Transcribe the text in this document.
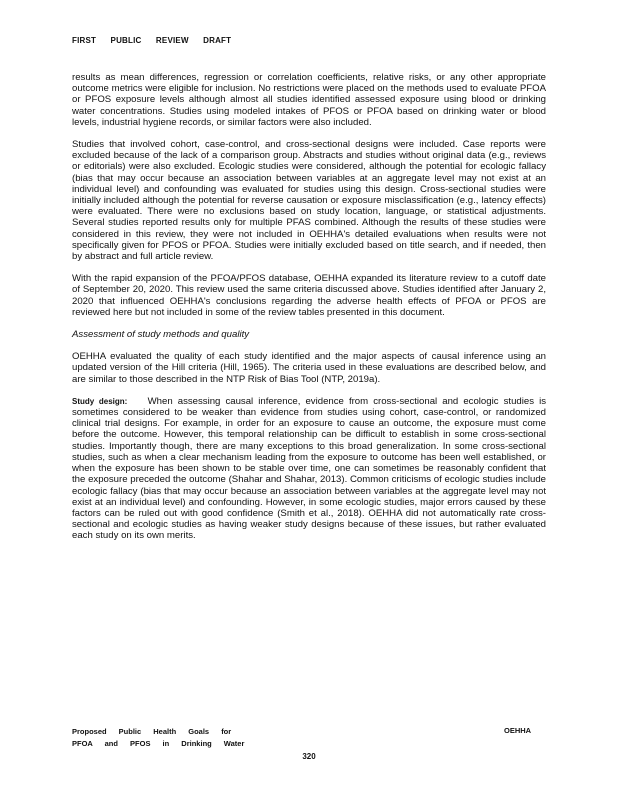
FIRST PUBLIC REVIEW DRAFT

results as mean differences, regression or correlation coefficients, relative risks, or any other appropriate outcome metrics were eligible for inclusion. No restrictions were placed on the methods used to evaluate PFOA or PFOS exposure levels although almost all studies identified assessed exposure using blood or drinking water concentrations. Studies using modeled intakes of PFOS or PFOA based on drinking water or blood levels, industrial hygiene records, or similar factors were also included.

Studies that involved cohort, case-control, and cross-sectional designs were included. Case reports were excluded because of the lack of a comparison group. Abstracts and studies without original data (e.g., reviews or editorials) were also excluded. Ecologic studies were considered, although the potential for ecologic fallacy (bias that may occur because an association between variables at an aggregate level may not exist at an individual level) and confounding was evaluated for studies using this design. Cross-sectional studies were initially included although the potential for reverse causation or exposure misclassification (e.g., latency effects) were evaluated. There were no exclusions based on study location, language, or statistical adjustments. Several studies reported results only for multiple PFAS combined. Although the results of these studies were considered in this review, they were not included in OEHHA's detailed evaluations when results were not specifically given for PFOS or PFOA. Studies were initially excluded based on title search, and if needed, then by abstract and full article review.

With the rapid expansion of the PFOA/PFOS database, OEHHA expanded its literature review to a cutoff date of September 20, 2020. This review used the same criteria discussed above. Studies identified after January 2, 2020 that influenced OEHHA's conclusions regarding the adverse health effects of PFOA or PFOS are reviewed here but not included in some of the review tables presented in this document.

Assessment of study methods and quality

OEHHA evaluated the quality of each study identified and the major aspects of causal inference using an updated version of the Hill criteria (Hill, 1965). The criteria used in these evaluations are described below, and are similar to those described in the NTP Risk of Bias Tool (NTP, 2019a).

Study design: When assessing causal inference, evidence from cross-sectional and ecologic studies is sometimes considered to be weaker than evidence from studies using cohort, case-control, or randomized clinical trial designs. For example, in order for an exposure to cause an outcome, the exposure must come before the outcome. However, this temporal relationship can be difficult to establish in some cross-sectional studies. Importantly though, there are many exceptions to this broad generalization. In some cross-sectional studies, such as when a clear mechanism leading from the exposure to outcome has been well established, or when the exposure has been shown to be stable over time, one can sometimes be reasonably confident that the exposure preceded the outcome (Shahar and Shahar, 2013). Common criticisms of ecologic studies include ecologic fallacy (bias that may occur because an association between variables at the aggregate level may not exist at an individual level) and confounding. However, in some ecologic studies, major errors caused by these factors can be ruled out with good confidence (Smith et al., 2018). OEHHA did not automatically rate cross-sectional and ecologic studies as having weaker study designs because of these issues, but rather evaluated each study on its own merits.

Proposed Public Health Goals for
PFOA and PFOS in Drinking Water
OEHHA
320
